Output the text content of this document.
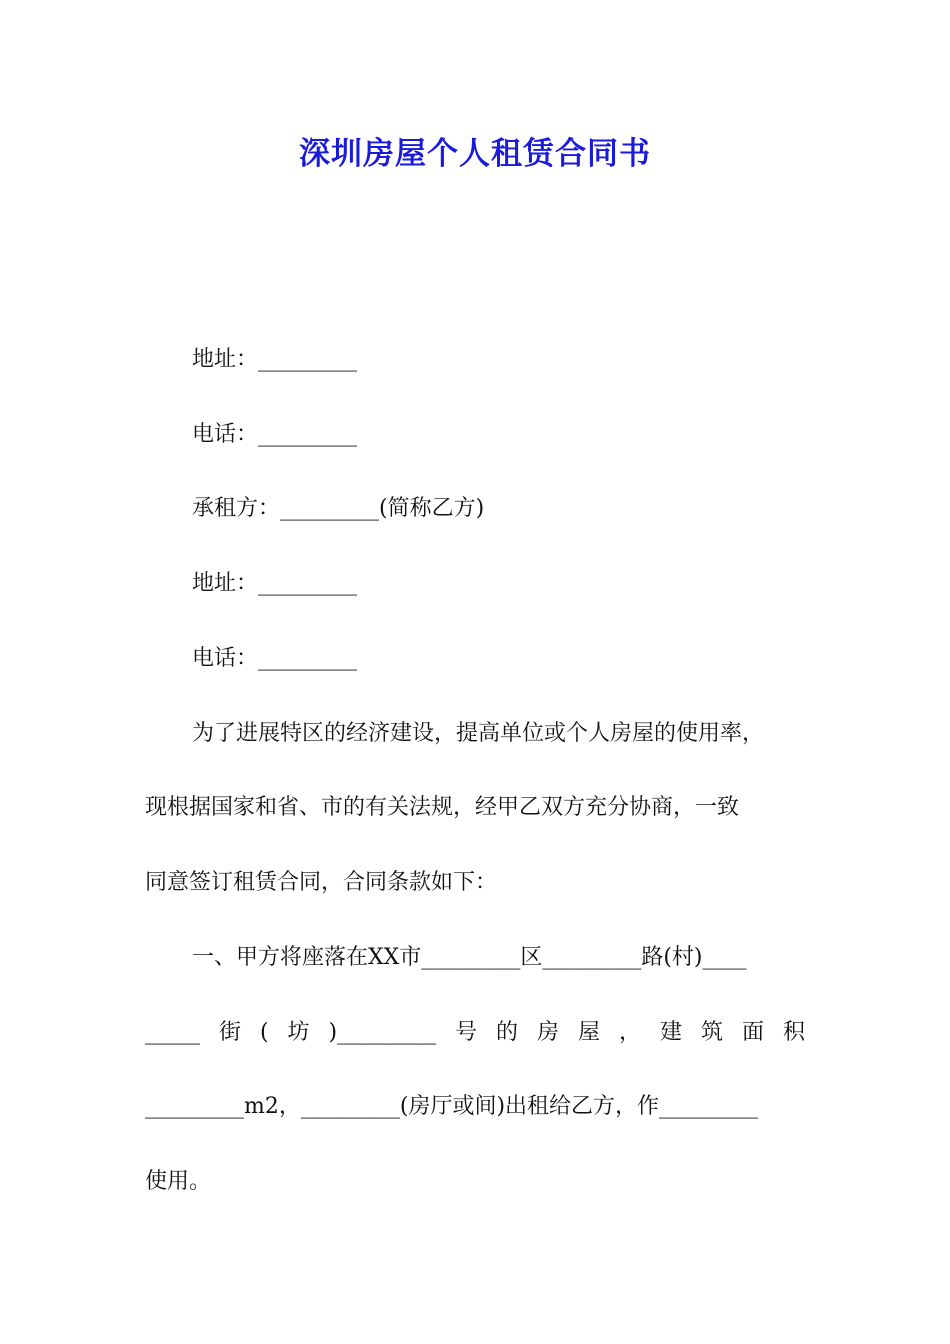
深圳房屋个人租赁合同书
地址：_________
电话：_________
承租方：_________(简称乙方)
地址：_________
电话：_________
为了进展特区的经济建设，提高单位或个人房屋的使用率，
现根据国家和省、市的有关法规，经甲乙双方充分协商，一致
同意签订租赁合同，合同条款如下：
一、甲方将座落在XX市_________区_________路(村)____
_____ 街 ( 坊 )_________ 号 的 房 屋 ， 建 筑 面 积
_________m2，_________(房厅或间)出租给乙方，作_________
使用。
